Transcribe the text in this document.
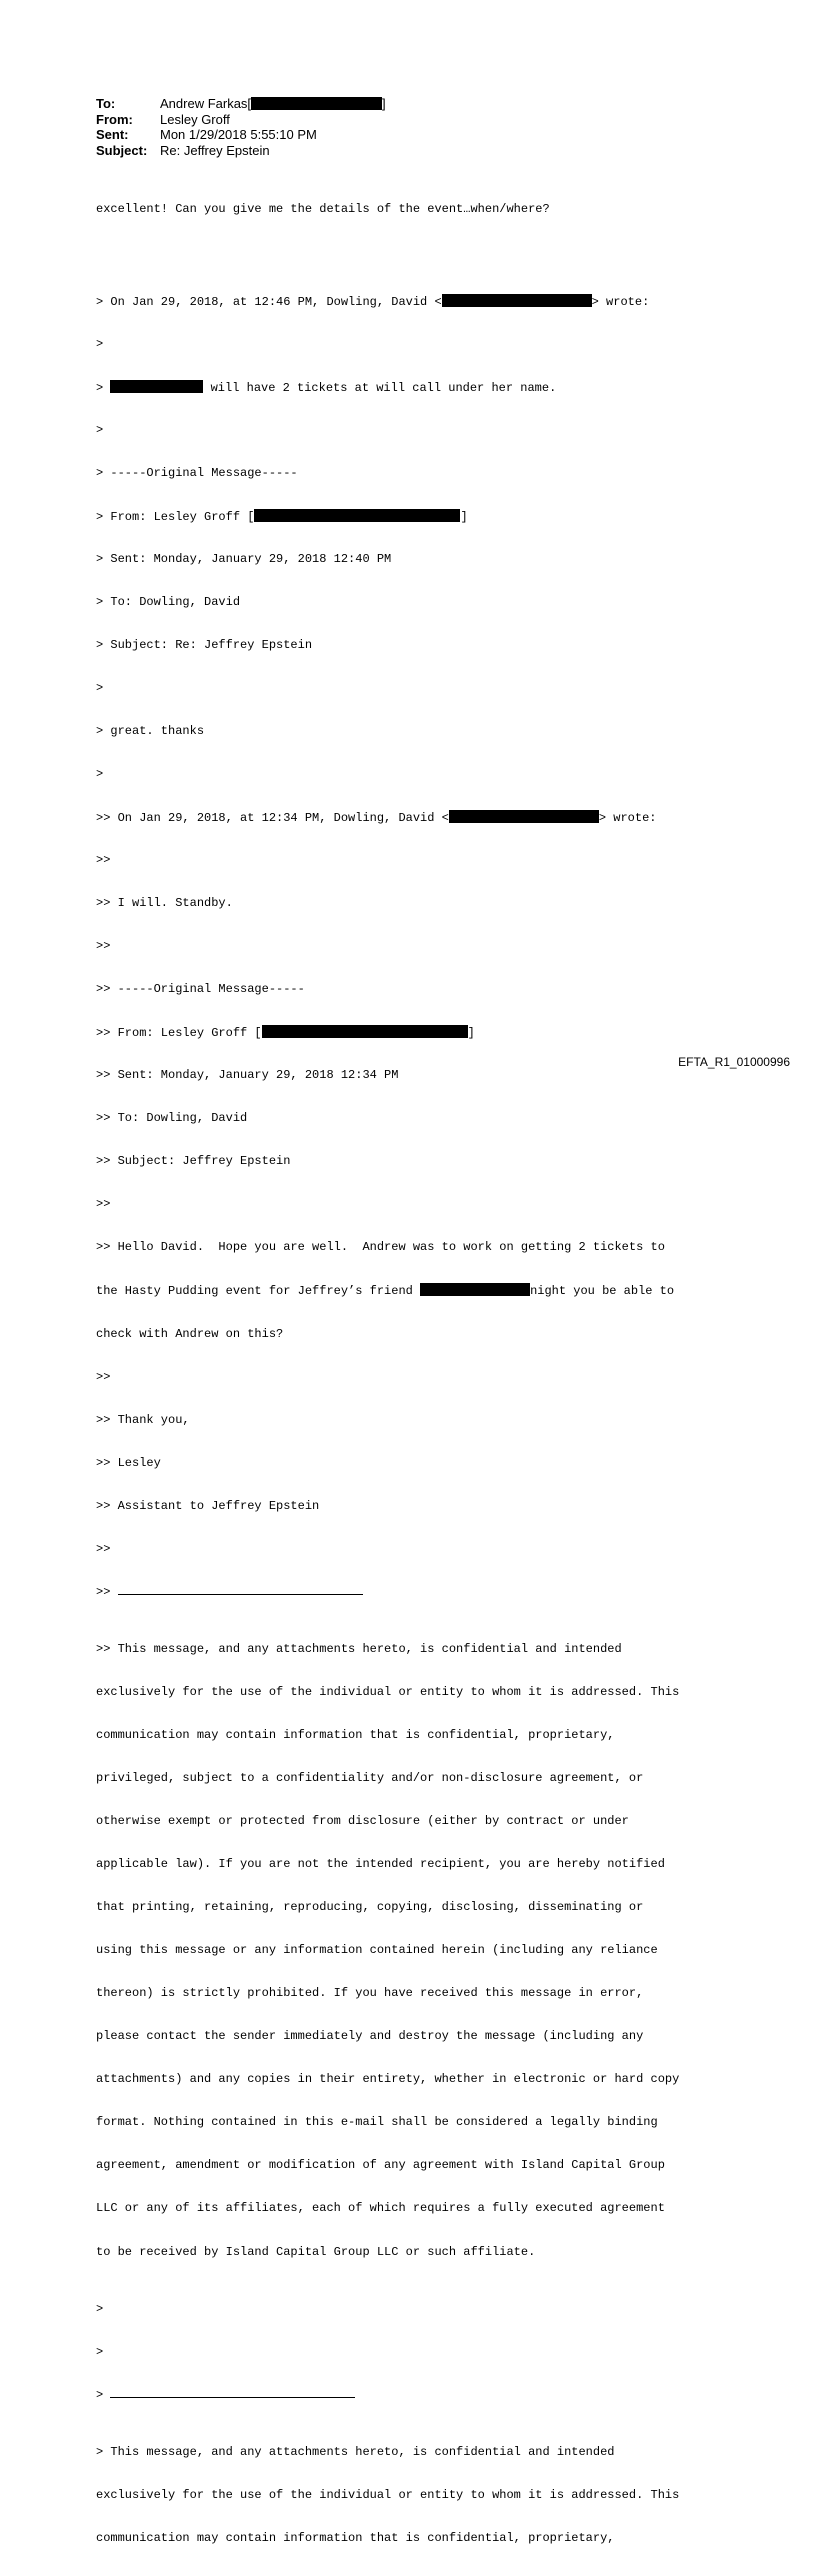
To:	Andrew Farkas[	]
From:	Lesley Groff
Sent:	Mon 1/29/2018 5:55:10 PM
Subject: Re: Jeffrey Epstein

excellent! Can you give me the details of the event…when/where?

> On Jan 29, 2018, at 12:46 PM, Dowling, David <	> wrote:

>

>	will have 2 tickets at will call under her name.

>

> -----Original Message-----

> From: Lesley Groff [	]

> Sent: Monday, January 29, 2018 12:40 PM

> To: Dowling, David

> Subject: Re: Jeffrey Epstein

>

> great. thanks

>

>> On Jan 29, 2018, at 12:34 PM, Dowling, David <	> wrote:

>>

>> I will. Standby.

>>

>> -----Original Message-----

>> From: Lesley Groff [	]

>> Sent: Monday, January 29, 2018 12:34 PM

>> To: Dowling, David

>> Subject: Jeffrey Epstein

>>

>> Hello David.  Hope you are well.  Andrew was to work on getting 2 tickets to

the Hasty Pudding event for Jeffrey’s friend	night you be able to

check with Andrew on this?

>>

>> Thank you,

>> Lesley

>> Assistant to Jeffrey Epstein

>>

>>

>> This message, and any attachments hereto, is confidential and intended

exclusively for the use of the individual or entity to whom it is addressed. This

communication may contain information that is confidential, proprietary,

privileged, subject to a confidentiality and/or non-disclosure agreement, or

otherwise exempt or protected from disclosure (either by contract or under

applicable law). If you are not the intended recipient, you are hereby notified

that printing, retaining, reproducing, copying, disclosing, disseminating or

using this message or any information contained herein (including any reliance

thereon) is strictly prohibited. If you have received this message in error,

please contact the sender immediately and destroy the message (including any

attachments) and any copies in their entirety, whether in electronic or hard copy

format. Nothing contained in this e-mail shall be considered a legally binding

agreement, amendment or modification of any agreement with Island Capital Group

LLC or any of its affiliates, each of which requires a fully executed agreement

to be received by Island Capital Group LLC or such affiliate.

>

>

>

> This message, and any attachments hereto, is confidential and intended

exclusively for the use of the individual or entity to whom it is addressed. This

communication may contain information that is confidential, proprietary,

EFTA_R1_01000996
